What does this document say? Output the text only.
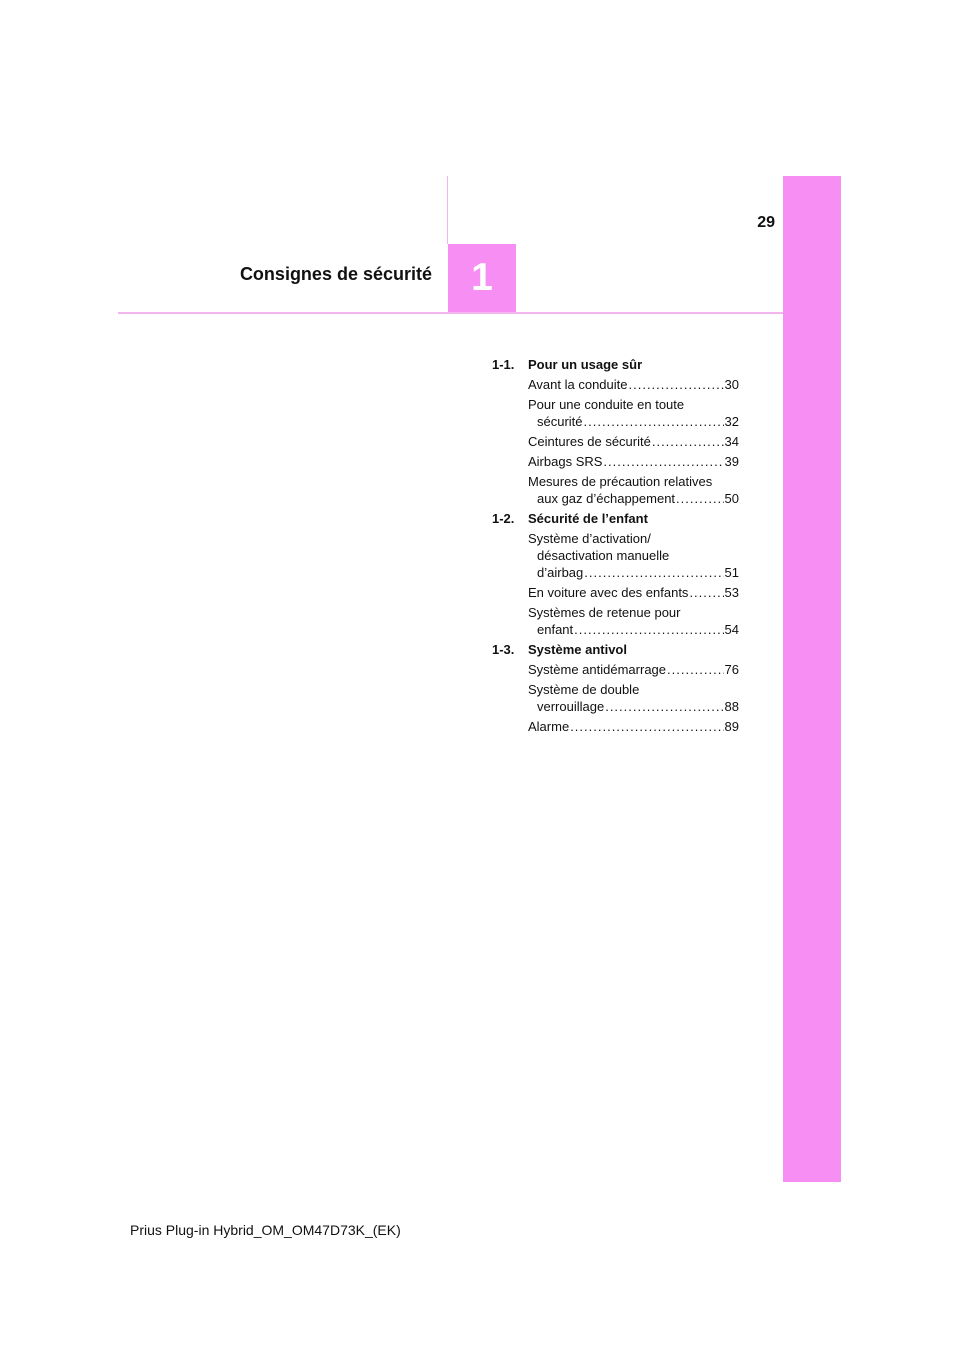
1
29
Consignes de sécurité
1-1.	Pour un usage sûr
Avant la conduite .....	30
Pour une conduite en toute
sécurité .....	32
Ceintures de sécurité .....	34
Airbags SRS .....	39
Mesures de précaution relatives
aux gaz d’échappement .....	50
1-2.	Sécurité de l’enfant
Système d’activation/
désactivation manuelle
d’airbag .....	51
En voiture avec des enfants .....	53
Systèmes de retenue pour
enfant .....	54
1-3.	Système antivol
Système antidémarrage .....	76
Système de double
verrouillage .....	88
Alarme .....	89
Prius Plug-in Hybrid_OM_OM47D73K_(EK)
